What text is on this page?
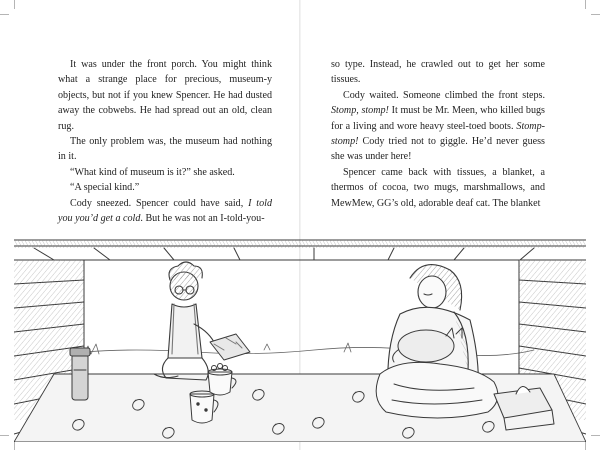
It was under the front porch. You might think what a strange place for precious, museum-y objects, but not if you knew Spencer. He had dusted away the cobwebs. He had spread out an old, clean rug.

The only problem was, the museum had nothing in it.

“What kind of museum is it?” she asked.

“A special kind.”

Cody sneezed. Spencer could have said, I told you you’d get a cold. But he was not an I-told-you-

so type. Instead, he crawled out to get her some tissues.

Cody waited. Someone climbed the front steps. Stomp, stomp! It must be Mr. Meen, who killed bugs for a living and wore heavy steel-toed boots. Stomp-stomp! Cody tried not to giggle. He’d never guess she was under here!

Spencer came back with tissues, a blanket, a thermos of cocoa, two mugs, marshmallows, and MewMew, GG’s old, adorable deaf cat. The blanket
